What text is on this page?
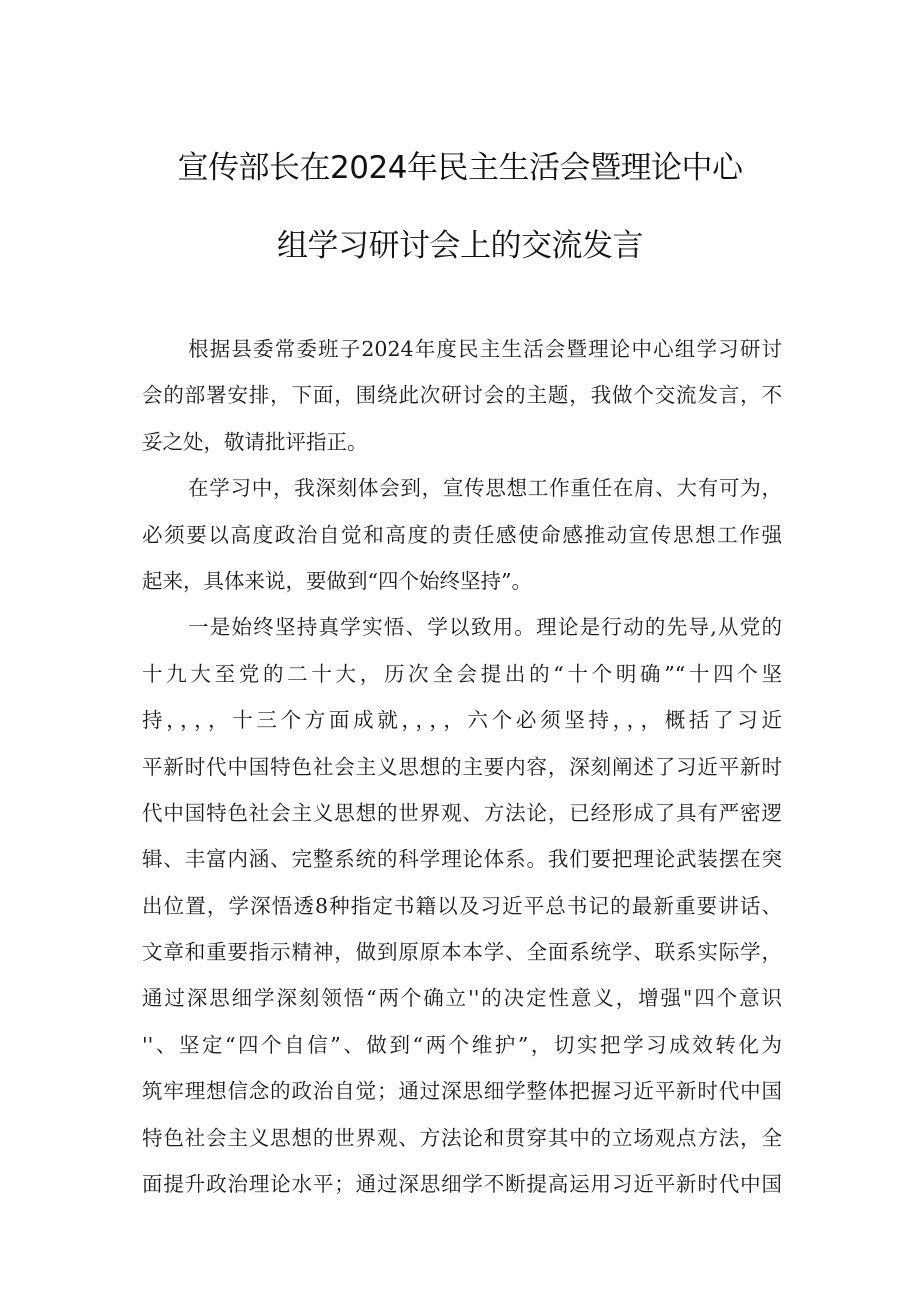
宣传部长在2024年民主生活会暨理论中心
组学习研讨会上的交流发言
根据县委常委班子2024年度民主生活会暨理论中心组学习研讨
会的部署安排，下面，围绕此次研讨会的主题，我做个交流发言，不
妥之处，敬请批评指正。
在学习中，我深刻体会到，宣传思想工作重任在肩、大有可为，
必须要以高度政治自觉和高度的责任感使命感推动宣传思想工作强
起来，具体来说，要做到“四个始终坚持”。
一是始终坚持真学实悟、学以致用。理论是行动的先导,从党的
十九大至党的二十大，历次全会提出的“十个明确”“十四个坚
持，，，，十三个方面成就，，，，六个必须坚持，，，概括了习近
平新时代中国特色社会主义思想的主要内容，深刻阐述了习近平新时
代中国特色社会主义思想的世界观、方法论，已经形成了具有严密逻
辑、丰富内涵、完整系统的科学理论体系。我们要把理论武装摆在突
出位置，学深悟透8种指定书籍以及习近平总书记的最新重要讲话、
文章和重要指示精神，做到原原本本学、全面系统学、联系实际学，
通过深思细学深刻领悟“两个确立''的决定性意义，增强"四个意识
''、坚定“四个自信”、做到“两个维护”，切实把学习成效转化为
筑牢理想信念的政治自觉；通过深思细学整体把握习近平新时代中国
特色社会主义思想的世界观、方法论和贯穿其中的立场观点方法，全
面提升政治理论水平；通过深思细学不断提高运用习近平新时代中国
